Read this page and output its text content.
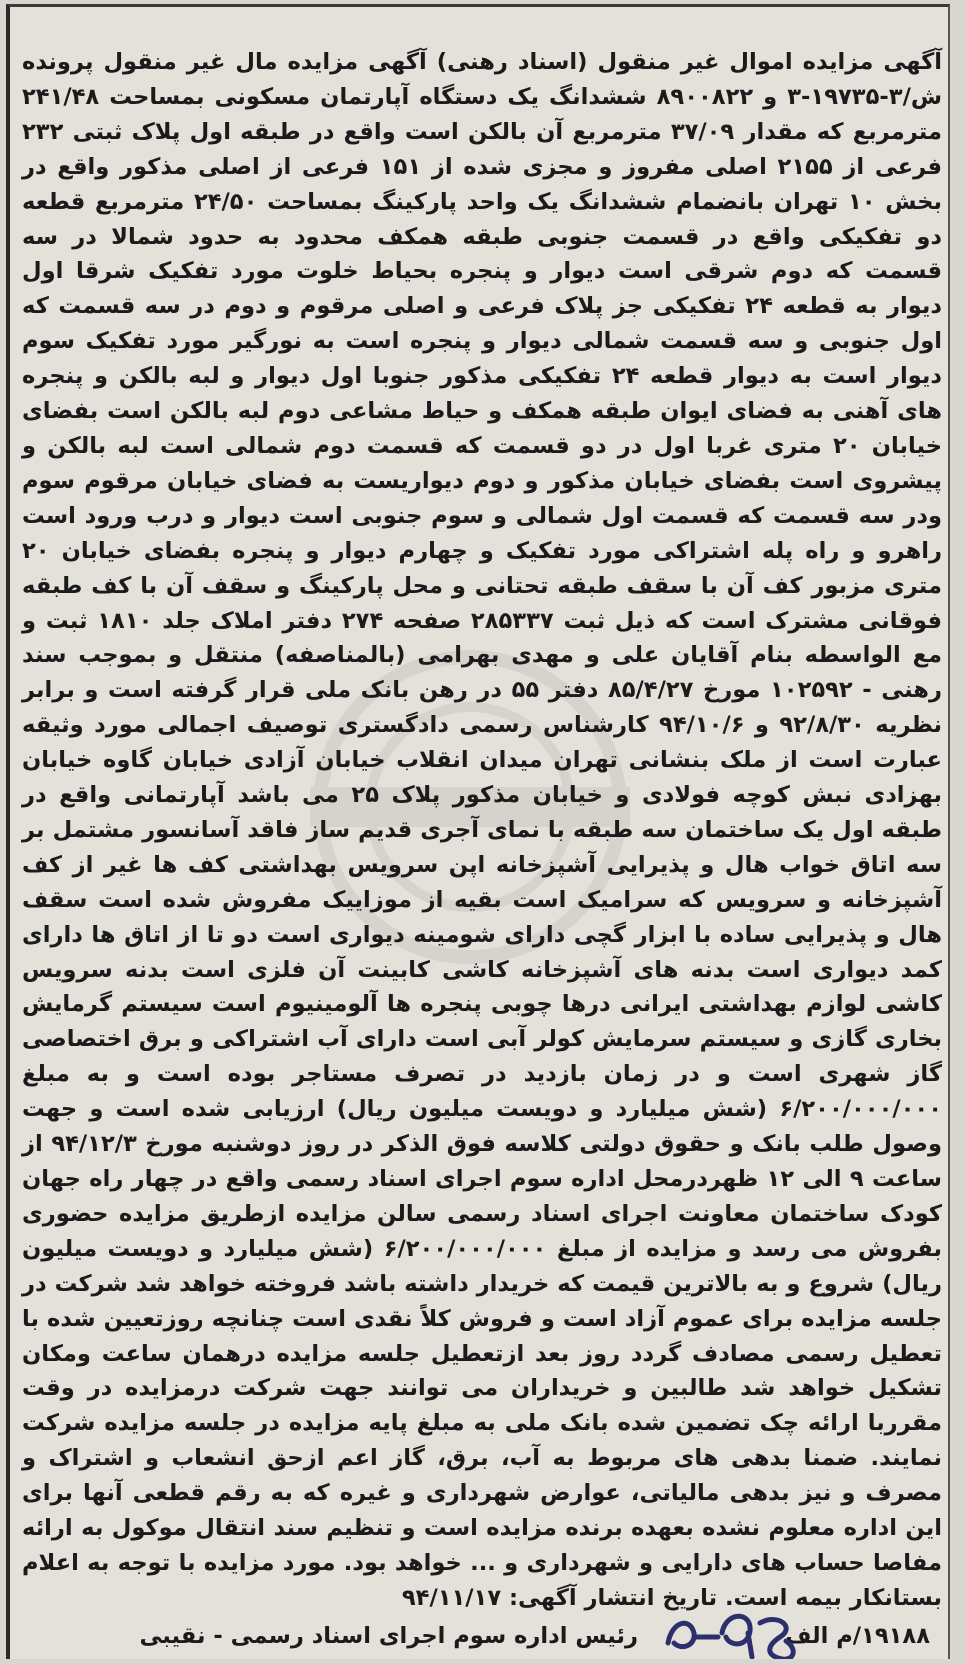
آگهی مزایده اموال غیر منقول (اسناد رهنی) آگهی مزایده مال غیر منقول پرونده ش/۳-۱۹۷۳۵-۳ و ۸۹۰۰۸۲۲ ششدانگ یک دستگاه آپارتمان مسکونی بمساحت ۲۴۱/۴۸ مترمربع که مقدار ۳۷/۰۹ مترمربع آن بالکن است واقع در طبقه اول پلاک ثبتی ۲۳۲ فرعی از ۲۱۵۵ اصلی مفروز و مجزی شده از ۱۵۱ فرعی از اصلی مذکور واقع در بخش ۱۰ تهران بانضمام ششدانگ یک واحد پارکینگ بمساحت ۲۴/۵۰ مترمربع قطعه دو تفکیکی واقع در قسمت جنوبی طبقه همکف محدود به حدود شمالا در سه قسمت که دوم شرقی است دیوار و پنجره بحیاط خلوت مورد تفکیک شرقا اول دیوار به قطعه ۲۴ تفکیکی جز پلاک فرعی و اصلی مرقوم و دوم در سه قسمت که اول جنوبی و سه قسمت شمالی دیوار و پنجره است به نورگیر مورد تفکیک سوم دیوار است به دیوار قطعه ۲۴ تفکیکی مذکور جنوبا اول دیوار و لبه بالکن و پنجره های آهنی به فضای ایوان طبقه همکف و حیاط مشاعی دوم لبه بالکن است بفضای خیابان ۲۰ متری غربا اول در دو قسمت که قسمت دوم شمالی است لبه بالکن و پیشروی است بفضای خیابان مذکور و دوم دیواریست به فضای خیابان مرقوم سوم ودر سه قسمت که قسمت اول شمالی و سوم جنوبی است دیوار و درب ورود است راهرو و راه پله اشتراکی مورد تفکیک و چهارم دیوار و پنجره بفضای خیابان ۲۰ متری مزبور کف آن با سقف طبقه تحتانی و محل پارکینگ و سقف آن با کف طبقه فوقانی مشترک است که ذیل ثبت ۲۸۵۳۳۷ صفحه ۲۷۴ دفتر املاک جلد ۱۸۱۰ ثبت و مع الواسطه بنام آقایان علی و مهدی بهرامی (بالمناصفه) منتقل و بموجب سند رهنی - ۱۰۲۵۹۲ مورخ ۸۵/۴/۲۷ دفتر ۵۵ در رهن بانک ملی قرار گرفته است و برابر نظریه ۹۲/۸/۳۰ و ۹۴/۱۰/۶ کارشناس رسمی دادگستری توصیف اجمالی مورد وثیقه عبارت است از ملک بنشانی تهران میدان انقلاب خیابان آزادی خیابان گاوه خیابان بهزادی نبش کوچه فولادی و خیابان مذکور پلاک ۲۵ می باشد آپارتمانی واقع در طبقه اول یک ساختمان سه طبقه با نمای آجری قدیم ساز فاقد آسانسور مشتمل بر سه اتاق خواب هال و پذیرایی آشپزخانه اپن سرویس بهداشتی کف ها غیر از کف آشپزخانه و سرویس که سرامیک است بقیه از موزاییک مفروش شده است سقف هال و پذیرایی ساده با ابزار گچی دارای شومینه دیواری است دو تا از اتاق ها دارای کمد دیواری است بدنه های آشپزخانه کاشی کابینت آن فلزی است بدنه سرویس کاشی لوازم بهداشتی ایرانی درها چوبی پنجره ها آلومینیوم است سیستم گرمایش بخاری گازی و سیستم سرمایش کولر آبی است دارای آب اشتراکی و برق اختصاصی گاز شهری است و در زمان بازدید در تصرف مستاجر بوده است و به مبلغ ۶/۲۰۰/۰۰۰/۰۰۰ (شش میلیارد و دویست میلیون ریال) ارزیابی شده است و جهت وصول طلب بانک و حقوق دولتی کلاسه فوق الذکر در روز دوشنبه مورخ ۹۴/۱۲/۳ از ساعت ۹ الی ۱۲ ظهردرمحل اداره سوم اجرای اسناد رسمی واقع در چهار راه جهان کودک ساختمان معاونت اجرای اسناد رسمی سالن مزایده ازطریق مزایده حضوری بفروش می رسد و مزایده از مبلغ ۶/۲۰۰/۰۰۰/۰۰۰ (شش میلیارد و دویست میلیون ریال) شروع و به بالاترین قیمت که خریدار داشته باشد فروخته خواهد شد شرکت در جلسه مزایده برای عموم آزاد است و فروش کلاً نقدی است چنانچه روزتعیین شده با تعطیل رسمی مصادف گردد روز بعد ازتعطیل جلسه مزایده درهمان ساعت ومکان تشکیل خواهد شد طالبین و خریداران می توانند جهت شرکت درمزایده در وقت مقرربا ارائه چک تضمین شده بانک ملی به مبلغ پایه مزایده در جلسه مزایده شرکت نمایند. ضمنا بدهی های مربوط به آب، برق، گاز اعم ازحق انشعاب و اشتراک و مصرف و نیز بدهی مالیاتی، عوارض شهرداری و غیره که به رقم قطعی آنها برای این اداره معلوم نشده بعهده برنده مزایده است و تنظیم سند انتقال موکول به ارائه مفاصا حساب های دارایی و شهرداری و ... خواهد بود. مورد مزایده با توجه به اعلام بستانکار بیمه است. تاریخ انتشار آگهی: ۹۴/۱۱/۱۷

۱۹۱۸۸/م الف
رئیس اداره سوم اجرای اسناد رسمی - نقیبی
